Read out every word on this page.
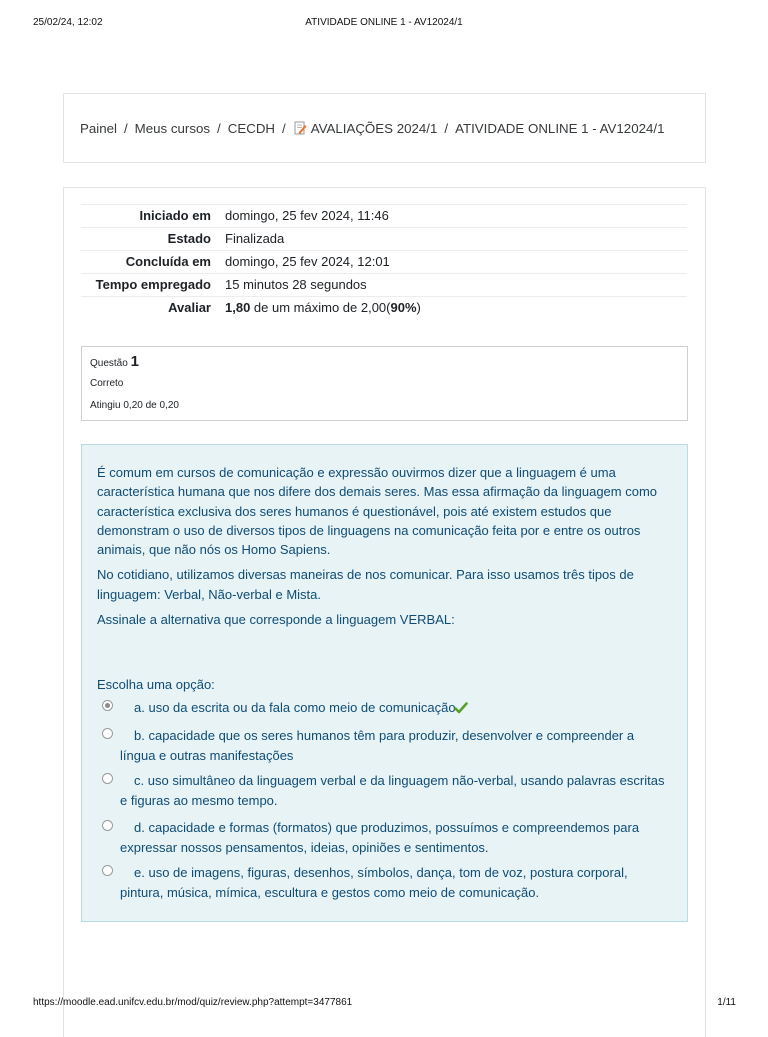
25/02/24, 12:02	ATIVIDADE ONLINE 1 - AV12024/1
Painel / Meus cursos / CECDH /	AVALIAÇÕES 2024/1 / ATIVIDADE ONLINE 1 - AV12024/1
Iniciado em	domingo, 25 fev 2024, 11:46
Estado	Finalizada
Concluída em	domingo, 25 fev 2024, 12:01
Tempo empregado	15 minutos 28 segundos
Avaliar	1,80 de um máximo de 2,00(90%)
Questão 1
Correto
Atingiu 0,20 de 0,20

É comum em cursos de comunicação e expressão ouvirmos dizer que a linguagem é uma característica humana que nos difere dos demais seres. Mas essa afirmação da linguagem como característica exclusiva dos seres humanos é questionável, pois até existem estudos que demonstram o uso de diversos tipos de linguagens na comunicação feita por e entre os outros animais, que não nós os Homo Sapiens.

No cotidiano, utilizamos diversas maneiras de nos comunicar. Para isso usamos três tipos de linguagem: Verbal, Não-verbal e Mista.

Assinale a alternativa que corresponde a linguagem VERBAL:

Escolha uma opção:
a. uso da escrita ou da fala como meio de comunicação
b. capacidade que os seres humanos têm para produzir, desenvolver e compreender a língua e outras manifestações
c. uso simultâneo da linguagem verbal e da linguagem não-verbal, usando palavras escritas e figuras ao mesmo tempo.
d. capacidade e formas (formatos) que produzimos, possuímos e compreendemos para expressar nossos pensamentos, ideias, opiniões e sentimentos.
e. uso de imagens, figuras, desenhos, símbolos, dança, tom de voz, postura corporal, pintura, música, mímica, escultura e gestos como meio de comunicação.
https://moodle.ead.unifcv.edu.br/mod/quiz/review.php?attempt=3477861	1/11
